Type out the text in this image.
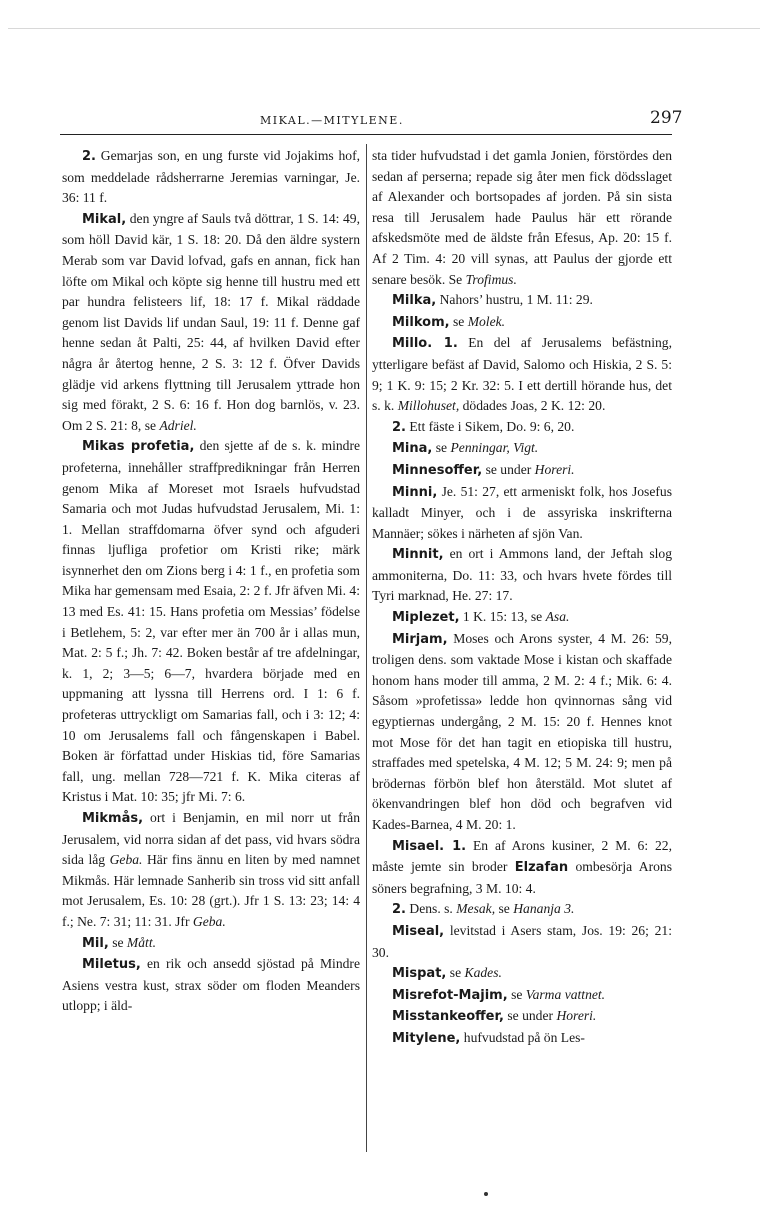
MIKAL.—MITYLENE.	297

2. Gemarjas son, en ung furste vid Jojakims hof, som meddelade rådsherrarne Jeremias varningar, Je. 36: 11 f.

Mikal, den yngre af Sauls två döttrar, 1 S. 14: 49, som höll David kär, 1 S. 18: 20. Då den äldre systern Merab som var David lofvad, gafs en annan, fick han löfte om Mikal och köpte sig henne till hustru med ett par hundra felisteers lif, 18: 17 f. Mikal räddade genom list Davids lif undan Saul, 19: 11 f. Denne gaf henne sedan åt Palti, 25: 44, af hvilken David efter några år återtog henne, 2 S. 3: 12 f. Öfver Davids glädje vid arkens flyttning till Jerusalem yttrade hon sig med förakt, 2 S. 6: 16 f. Hon dog barnlös, v. 23. Om 2 S. 21: 8, se Adriel.

Mikas profetia, den sjette af de s. k. mindre profeterna, innehåller straffpredikningar från Herren genom Mika af Moreset mot Israels hufvudstad Samaria och mot Judas hufvudstad Jerusalem, Mi. 1: 1. Mellan straffdomarna öfver synd och afguderi finnas ljufliga profetior om Kristi rike; märk isynnerhet den om Zions berg i 4: 1 f., en profetia som Mika har gemensam med Esaia, 2: 2 f. Jfr äfven Mi. 4: 13 med Es. 41: 15. Hans profetia om Messias’ födelse i Betlehem, 5: 2, var efter mer än 700 år i allas mun, Mat. 2: 5 f.; Jh. 7: 42. Boken består af tre afdelningar, k. 1, 2; 3—5; 6—7, hvardera började med en uppmaning att lyssna till Herrens ord. I 1: 6 f. profeteras uttryckligt om Samarias fall, och i 3: 12; 4: 10 om Jerusalems fall och fångenskapen i Babel. Boken är författad under Hiskias tid, före Samarias fall, ung. mellan 728—721 f. K. Mika citeras af Kristus i Mat. 10: 35; jfr Mi. 7: 6.

Mikmås, ort i Benjamin, en mil norr ut från Jerusalem, vid norra sidan af det pass, vid hvars södra sida låg Geba. Här fins ännu en liten by med namnet Mikmås. Här lemnade Sanherib sin tross vid sitt anfall mot Jerusalem, Es. 10: 28 (grt.). Jfr 1 S. 13: 23; 14: 4 f.; Ne. 7: 31; 11: 31. Jfr Geba.

Mil, se Mått.

Miletus, en rik och ansedd sjöstad på Mindre Asiens vestra kust, strax söder om floden Meanders utlopp; i äld-

sta tider hufvudstad i det gamla Jonien, förstördes den sedan af perserna; repade sig åter men fick dödsslaget af Alexander och bortsopades af jorden. På sin sista resa till Jerusalem hade Paulus här ett rörande afskedsmöte med de äldste från Efesus, Ap. 20: 15 f. Af 2 Tim. 4: 20 vill synas, att Paulus der gjorde ett senare besök. Se Trofimus.

Milka, Nahors’ hustru, 1 M. 11: 29.

Milkom, se Molek.

Millo. 1. En del af Jerusalems befästning, ytterligare befäst af David, Salomo och Hiskia, 2 S. 5: 9; 1 K. 9: 15; 2 Kr. 32: 5. I ett dertill hörande hus, det s. k. Millohuset, dödades Joas, 2 K. 12: 20.

2. Ett fäste i Sikem, Do. 9: 6, 20.

Mina, se Penningar, Vigt.

Minnesoffer, se under Horeri.

Minni, Je. 51: 27, ett armeniskt folk, hos Josefus kalladt Minyer, och i de assyriska inskrifterna Mannäer; sökes i närheten af sjön Van.

Minnit, en ort i Ammons land, der Jeftah slog ammoniterna, Do. 11: 33, och hvars hvete fördes till Tyri marknad, He. 27: 17.

Miplezet, 1 K. 15: 13, se Asa.

Mirjam, Moses och Arons syster, 4 M. 26: 59, troligen dens. som vaktade Mose i kistan och skaffade honom hans moder till amma, 2 M. 2: 4 f.; Mik. 6: 4. Såsom »profetissa» ledde hon qvinnornas sång vid egyptiernas undergång, 2 M. 15: 20 f. Hennes knot mot Mose för det han tagit en etiopiska till hustru, straffades med spetelska, 4 M. 12; 5 M. 24: 9; men på brödernas förbön blef hon återstäld. Mot slutet af ökenvandringen blef hon död och begrafven vid Kades-Barnea, 4 M. 20: 1.

Misael. 1. En af Arons kusiner, 2 M. 6: 22, måste jemte sin broder Elzafan ombesörja Arons söners begrafning, 3 M. 10: 4.

2. Dens. s. Mesak, se Hananja 3.

Miseal, levitstad i Asers stam, Jos. 19: 26; 21: 30.

Mispat, se Kades.

Misrefot-Majim, se Varma vattnet.

Misstankeoffer, se under Horeri.

Mitylene, hufvudstad på ön Les-
